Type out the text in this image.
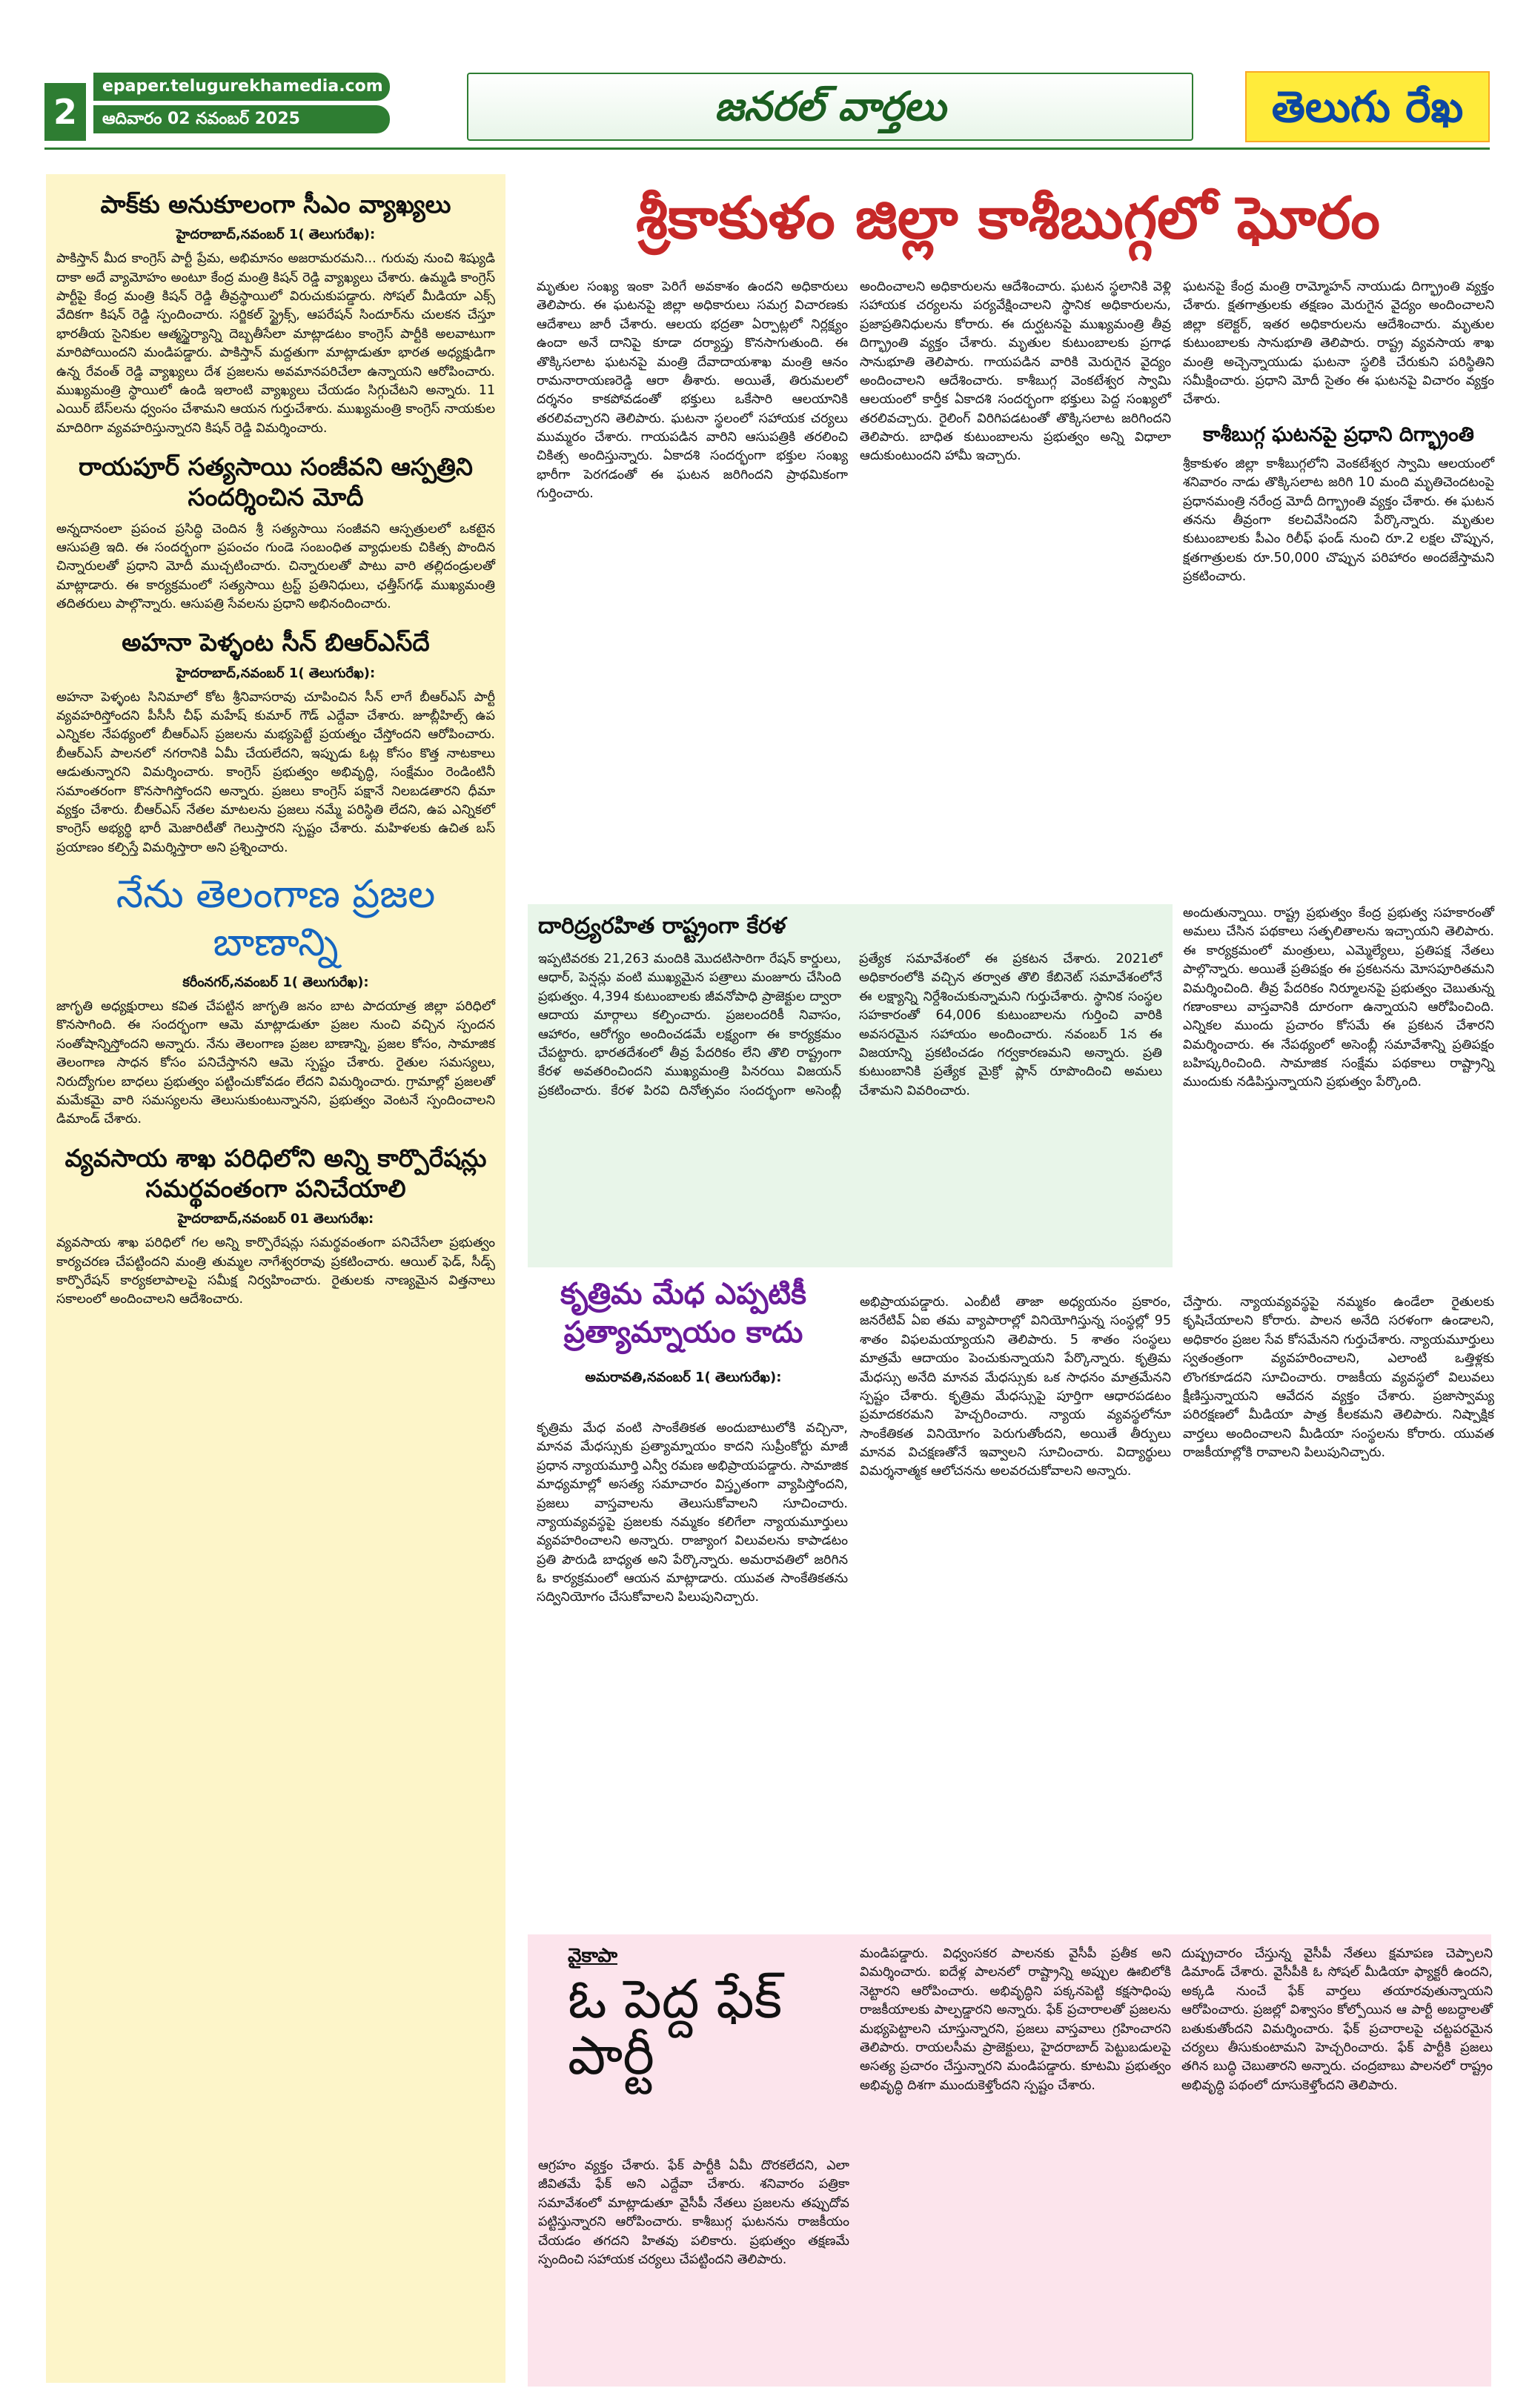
2
epaper.telugurekhamedia.com
ఆదివారం 02 నవంబర్ 2025	జనరల్ వార్తలు	తెలుగు రేఖ
పాక్‌కు అనుకూలంగా సీఎం వ్యాఖ్యలు
హైదరాబాద్,నవంబర్ 1( తెలుగురేఖ):
పాకిస్తాన్ మీద కాంగ్రెస్ పార్టీ ప్రేమ, అభిమానం అజరామరమని... గురువు నుంచి శిష్యుడి దాకా అదే వ్యామోహం అంటూ కేంద్ర మంత్రి కిషన్ రెడ్డి వ్యాఖ్యలు చేశారు. ఉమ్మడి కాంగ్రెస్ పార్టీపై కేంద్ర మంత్రి కిషన్ రెడ్డి తీవ్రస్థాయిలో విరుచుకుపడ్డారు. సోషల్ మీడియా ఎక్స్ వేదికగా కిషన్ రెడ్డి స్పందించారు. సర్జికల్ స్ట్రైక్స్, ఆపరేషన్ సిందూర్‌ను చులకన చేస్తూ భారతీయ సైనికుల ఆత్మస్థైర్యాన్ని దెబ్బతీసేలా మాట్లాడటం కాంగ్రెస్ పార్టీకి అలవాటుగా మారిపోయిందని మండిపడ్డారు. పాకిస్తాన్ మద్దతుగా మాట్లాడుతూ భారత అధ్యక్షుడిగా ఉన్న రేవంత్ రెడ్డి వ్యాఖ్యలు దేశ ప్రజలను అవమానపరిచేలా ఉన్నాయని ఆరోపించారు. ముఖ్యమంత్రి స్థాయిలో ఉండి ఇలాంటి వ్యాఖ్యలు చేయడం సిగ్గుచేటని అన్నారు. 11 ఎయిర్ బేస్‌లను ధ్వంసం చేశామని ఆయన గుర్తుచేశారు. ముఖ్యమంత్రి కాంగ్రెస్ నాయకుల మాదిరిగా వ్యవహరిస్తున్నారని కిషన్ రెడ్డి విమర్శించారు.
రాయపూర్ సత్యసాయి సంజీవని ఆస్పత్రిని సందర్శించిన మోదీ
అన్నదానంలా ప్రపంచ ప్రసిద్ధి చెందిన శ్రీ సత్యసాయి సంజీవని ఆస్పత్రులలో ఒకటైన ఆసుపత్రి ఇది. ఈ సందర్భంగా ప్రపంచం గుండె సంబంధిత వ్యాధులకు చికిత్స పొందిన చిన్నారులతో ప్రధాని మోదీ ముచ్చటించారు. చిన్నారులతో పాటు వారి తల్లిదండ్రులతో మాట్లాడారు. ఈ కార్యక్రమంలో సత్యసాయి ట్రస్ట్ ప్రతినిధులు, ఛత్తీస్‌గఢ్ ముఖ్యమంత్రి తదితరులు పాల్గొన్నారు. ఆసుపత్రి సేవలను ప్రధాని అభినందించారు.
అహనా పెళ్ళంట సీన్ బిఆర్ఎస్‌దే
హైదరాబాద్,నవంబర్ 1( తెలుగురేఖ):
అహనా పెళ్ళంట సినిమాలో కోట శ్రీనివాసరావు చూపించిన సీన్ లాగే బీఆర్ఎస్ పార్టీ వ్యవహరిస్తోందని పీసీసీ చీఫ్ మహేష్ కుమార్ గౌడ్ ఎద్దేవా చేశారు. జూబ్లీహిల్స్ ఉప ఎన్నికల నేపథ్యంలో బీఆర్ఎస్ ప్రజలను మభ్యపెట్టే ప్రయత్నం చేస్తోందని ఆరోపించారు. బీఆర్ఎస్ పాలనలో నగరానికి ఏమీ చేయలేదని, ఇప్పుడు ఓట్ల కోసం కొత్త నాటకాలు ఆడుతున్నారని విమర్శించారు. కాంగ్రెస్ ప్రభుత్వం అభివృద్ధి, సంక్షేమం రెండింటినీ సమాంతరంగా కొనసాగిస్తోందని అన్నారు. ప్రజలు కాంగ్రెస్ పక్షానే నిలబడతారని ధీమా వ్యక్తం చేశారు. బీఆర్ఎస్ నేతల మాటలను ప్రజలు నమ్మే పరిస్థితి లేదని, ఉప ఎన్నికలో కాంగ్రెస్ అభ్యర్థి భారీ మెజారిటీతో గెలుస్తారని స్పష్టం చేశారు. మహిళలకు ఉచిత బస్ ప్రయాణం కల్పిస్తే విమర్శిస్తారా అని ప్రశ్నించారు.
నేను తెలంగాణ ప్రజల బాణాన్ని
కరీంనగర్,నవంబర్ 1( తెలుగురేఖ):
జాగృతి అధ్యక్షురాలు కవిత చేపట్టిన జాగృతి జనం బాట పాదయాత్ర జిల్లా పరిధిలో కొనసాగింది. ఈ సందర్భంగా ఆమె మాట్లాడుతూ ప్రజల నుంచి వచ్చిన స్పందన సంతోషాన్నిస్తోందని అన్నారు. నేను తెలంగాణ ప్రజల బాణాన్ని, ప్రజల కోసం, సామాజిక తెలంగాణ సాధన కోసం పనిచేస్తానని ఆమె స్పష్టం చేశారు. రైతుల సమస్యలు, నిరుద్యోగుల బాధలు ప్రభుత్వం పట్టించుకోవడం లేదని విమర్శించారు. గ్రామాల్లో ప్రజలతో మమేకమై వారి సమస్యలను తెలుసుకుంటున్నానని, ప్రభుత్వం వెంటనే స్పందించాలని డిమాండ్ చేశారు.
వ్యవసాయ శాఖ పరిధిలోని అన్ని కార్పొరేషన్లు సమర్థవంతంగా పనిచేయాలి
హైదరాబాద్,నవంబర్ 01 తెలుగురేఖ:
వ్యవసాయ శాఖ పరిధిలో గల అన్ని కార్పొరేషన్లు సమర్థవంతంగా పనిచేసేలా ప్రభుత్వం కార్యచరణ చేపట్టిందని మంత్రి తుమ్మల నాగేశ్వరరావు ప్రకటించారు. ఆయిల్ ఫెడ్, సీడ్స్ కార్పొరేషన్ కార్యకలాపాలపై సమీక్ష నిర్వహించారు. రైతులకు నాణ్యమైన విత్తనాలు సకాలంలో అందించాలని ఆదేశించారు.
శ్రీకాకుళం జిల్లా కాశీబుగ్గలో ఘోరం
మృతుల సంఖ్య ఇంకా పెరిగే అవకాశం ఉందని అధికారులు తెలిపారు. ఈ ఘటనపై జిల్లా అధికారులు సమగ్ర విచారణకు ఆదేశాలు జారీ చేశారు. ఆలయ భద్రతా ఏర్పాట్లలో నిర్లక్ష్యం ఉందా అనే దానిపై కూడా దర్యాప్తు కొనసాగుతుంది. ఈ తొక్కిసలాట ఘటనపై మంత్రి దేవాదాయశాఖ మంత్రి ఆనం రామనారాయణరెడ్డి ఆరా తీశారు. అయితే, తిరుమలలో దర్శనం కాకపోవడంతో భక్తులు ఒకేసారి ఆలయానికి తరలివచ్చారని తెలిపారు. ఘటనా స్థలంలో సహాయక చర్యలు ముమ్మరం చేశారు. గాయపడిన వారిని ఆసుపత్రికి తరలించి చికిత్స అందిస్తున్నారు. ఏకాదశి సందర్భంగా భక్తుల సంఖ్య భారీగా పెరగడంతో ఈ ఘటన జరిగిందని ప్రాథమికంగా గుర్తించారు.
అందించాలని అధికారులను ఆదేశించారు. ఘటన స్థలానికి వెళ్లి సహాయక చర్యలను పర్యవేక్షించాలని స్థానిక అధికారులను, ప్రజాప్రతినిధులను కోరారు. ఈ దుర్ఘటనపై ముఖ్యమంత్రి తీవ్ర దిగ్భ్రాంతి వ్యక్తం చేశారు. మృతుల కుటుంబాలకు ప్రగాఢ సానుభూతి తెలిపారు. గాయపడిన వారికి మెరుగైన వైద్యం అందించాలని ఆదేశించారు. కాశీబుగ్గ వెంకటేశ్వర స్వామి ఆలయంలో కార్తీక ఏకాదశి సందర్భంగా భక్తులు పెద్ద సంఖ్యలో తరలివచ్చారు. రైలింగ్ విరిగిపడటంతో తొక్కిసలాట జరిగిందని తెలిపారు. బాధిత కుటుంబాలను ప్రభుత్వం అన్ని విధాలా ఆదుకుంటుందని హామీ ఇచ్చారు.
ఘటనపై కేంద్ర మంత్రి రామ్మోహన్ నాయుడు దిగ్భ్రాంతి వ్యక్తం చేశారు. క్షతగాత్రులకు తక్షణం మెరుగైన వైద్యం అందించాలని జిల్లా కలెక్టర్, ఇతర అధికారులను ఆదేశించారు. మృతుల కుటుంబాలకు సానుభూతి తెలిపారు. రాష్ట్ర వ్యవసాయ శాఖ మంత్రి అచ్చెన్నాయుడు ఘటనా స్థలికి చేరుకుని పరిస్థితిని సమీక్షించారు. ప్రధాని మోదీ సైతం ఈ ఘటనపై విచారం వ్యక్తం చేశారు.
కాశీబుగ్గ ఘటనపై ప్రధాని దిగ్భ్రాంతి
శ్రీకాకుళం జిల్లా కాశీబుగ్గలోని వెంకటేశ్వర స్వామి ఆలయంలో శనివారం నాడు తొక్కిసలాట జరిగి 10 మంది మృతిచెందటంపై ప్రధానమంత్రి నరేంద్ర మోదీ దిగ్భ్రాంతి వ్యక్తం చేశారు. ఈ ఘటన తనను తీవ్రంగా కలచివేసిందని పేర్కొన్నారు. మృతుల కుటుంబాలకు పీఎం రిలీఫ్ ఫండ్ నుంచి రూ.2 లక్షల చొప్పున, క్షతగాత్రులకు రూ.50,000 చొప్పున పరిహారం అందజేస్తామని ప్రకటించారు.
దారిద్ర్యరహిత రాష్ట్రంగా కేరళ
ఇప్పటివరకు 21,263 మందికి మొదటిసారిగా రేషన్ కార్డులు, ఆధార్, పెన్షన్లు వంటి ముఖ్యమైన పత్రాలు మంజూరు చేసింది ప్రభుత్వం. 4,394 కుటుంబాలకు జీవనోపాధి ప్రాజెక్టుల ద్వారా ఆదాయ మార్గాలు కల్పించారు. ప్రజలందరికీ నివాసం, ఆహారం, ఆరోగ్యం అందించడమే లక్ష్యంగా ఈ కార్యక్రమం చేపట్టారు. భారతదేశంలో తీవ్ర పేదరికం లేని తొలి రాష్ట్రంగా కేరళ అవతరించిందని ముఖ్యమంత్రి పినరయి విజయన్ ప్రకటించారు. కేరళ పిరవి దినోత్సవం సందర్భంగా అసెంబ్లీ ప్రత్యేక సమావేశంలో ఈ ప్రకటన చేశారు. 2021లో అధికారంలోకి వచ్చిన తర్వాత తొలి కేబినెట్ సమావేశంలోనే ఈ లక్ష్యాన్ని నిర్దేశించుకున్నామని గుర్తుచేశారు. స్థానిక సంస్థల సహకారంతో 64,006 కుటుంబాలను గుర్తించి వారికి అవసరమైన సహాయం అందించారు. నవంబర్ 1న ఈ విజయాన్ని ప్రకటించడం గర్వకారణమని అన్నారు. ప్రతి కుటుంబానికి ప్రత్యేక మైక్రో ప్లాన్ రూపొందించి అమలు చేశామని వివరించారు.
అందుతున్నాయి. రాష్ట్ర ప్రభుత్వం కేంద్ర ప్రభుత్వ సహకారంతో అమలు చేసిన పథకాలు సత్ఫలితాలను ఇచ్చాయని తెలిపారు. ఈ కార్యక్రమంలో మంత్రులు, ఎమ్మెల్యేలు, ప్రతిపక్ష నేతలు పాల్గొన్నారు. అయితే ప్రతిపక్షం ఈ ప్రకటనను మోసపూరితమని విమర్శించింది. తీవ్ర పేదరికం నిర్మూలనపై ప్రభుత్వం చెబుతున్న గణాంకాలు వాస్తవానికి దూరంగా ఉన్నాయని ఆరోపించింది. ఎన్నికల ముందు ప్రచారం కోసమే ఈ ప్రకటన చేశారని విమర్శించారు. ఈ నేపథ్యంలో అసెంబ్లీ సమావేశాన్ని ప్రతిపక్షం బహిష్కరించింది. సామాజిక సంక్షేమ పథకాలు రాష్ట్రాన్ని ముందుకు నడిపిస్తున్నాయని ప్రభుత్వం పేర్కొంది.
కృత్రిమ మేధ ఎప్పటికీ ప్రత్యామ్నాయం కాదు
అమరావతి,నవంబర్ 1( తెలుగురేఖ):
కృత్రిమ మేధ వంటి సాంకేతికత అందుబాటులోకి వచ్చినా, మానవ మేధస్సుకు ప్రత్యామ్నాయం కాదని సుప్రీంకోర్టు మాజీ ప్రధాన న్యాయమూర్తి ఎన్వీ రమణ అభిప్రాయపడ్డారు. సామాజిక మాధ్యమాల్లో అసత్య సమాచారం విస్తృతంగా వ్యాపిస్తోందని, ప్రజలు వాస్తవాలను తెలుసుకోవాలని సూచించారు. న్యాయవ్యవస్థపై ప్రజలకు నమ్మకం కలిగేలా న్యాయమూర్తులు వ్యవహరించాలని అన్నారు. రాజ్యాంగ విలువలను కాపాడటం ప్రతి పౌరుడి బాధ్యత అని పేర్కొన్నారు. అమరావతిలో జరిగిన ఓ కార్యక్రమంలో ఆయన మాట్లాడారు. యువత సాంకేతికతను సద్వినియోగం చేసుకోవాలని పిలుపునిచ్చారు.
అభిప్రాయపడ్డారు. ఎంబీటీ తాజా అధ్యయనం ప్రకారం, జనరేటివ్ ఏఐ తమ వ్యాపారాల్లో వినియోగిస్తున్న సంస్థల్లో 95 శాతం విఫలమయ్యాయని తెలిపారు. 5 శాతం సంస్థలు మాత్రమే ఆదాయం పెంచుకున్నాయని పేర్కొన్నారు. కృత్రిమ మేధస్సు అనేది మానవ మేధస్సుకు ఒక సాధనం మాత్రమేనని స్పష్టం చేశారు. కృత్రిమ మేధస్సుపై పూర్తిగా ఆధారపడటం ప్రమాదకరమని హెచ్చరించారు. న్యాయ వ్యవస్థలోనూ సాంకేతికత వినియోగం పెరుగుతోందని, అయితే తీర్పులు మానవ విచక్షణతోనే ఇవ్వాలని సూచించారు. విద్యార్థులు విమర్శనాత్మక ఆలోచనను అలవరచుకోవాలని అన్నారు.
చేస్తారు. న్యాయవ్యవస్థపై నమ్మకం ఉండేలా రైతులకు కృషిచేయాలని కోరారు. పాలన అనేది సరళంగా ఉండాలని, అధికారం ప్రజల సేవ కోసమేనని గుర్తుచేశారు. న్యాయమూర్తులు స్వతంత్రంగా వ్యవహరించాలని, ఎలాంటి ఒత్తిళ్లకు లొంగకూడదని సూచించారు. రాజకీయ వ్యవస్థలో విలువలు క్షీణిస్తున్నాయని ఆవేదన వ్యక్తం చేశారు. ప్రజాస్వామ్య పరిరక్షణలో మీడియా పాత్ర కీలకమని తెలిపారు. నిష్పాక్షిక వార్తలు అందించాలని మీడియా సంస్థలను కోరారు. యువత రాజకీయాల్లోకి రావాలని పిలుపునిచ్చారు.
వైకాపా
ఓ పెద్ద ఫేక్ పార్టీ
ఆగ్రహం వ్యక్తం చేశారు. ఫేక్ పార్టీకి ఏమీ దొరకలేదని, ఎలా జీవితమే ఫేక్ అని ఎద్దేవా చేశారు. శనివారం పత్రికా సమావేశంలో మాట్లాడుతూ వైసీపీ నేతలు ప్రజలను తప్పుదోవ పట్టిస్తున్నారని ఆరోపించారు. కాశీబుగ్గ ఘటనను రాజకీయం చేయడం తగదని హితవు పలికారు. ప్రభుత్వం తక్షణమే స్పందించి సహాయక చర్యలు చేపట్టిందని తెలిపారు.
మండిపడ్డారు. విధ్వంసకర పాలనకు వైసీపీ ప్రతీక అని విమర్శించారు. ఐదేళ్ల పాలనలో రాష్ట్రాన్ని అప్పుల ఊబిలోకి నెట్టారని ఆరోపించారు. అభివృద్ధిని పక్కనపెట్టి కక్షసాధింపు రాజకీయాలకు పాల్పడ్డారని అన్నారు. ఫేక్ ప్రచారాలతో ప్రజలను మభ్యపెట్టాలని చూస్తున్నారని, ప్రజలు వాస్తవాలు గ్రహించారని తెలిపారు. రాయలసీమ ప్రాజెక్టులు, హైదరాబాద్ పెట్టుబడులపై అసత్య ప్రచారం చేస్తున్నారని మండిపడ్డారు. కూటమి ప్రభుత్వం అభివృద్ధి దిశగా ముందుకెళ్తోందని స్పష్టం చేశారు.
దుష్ప్రచారం చేస్తున్న వైసీపీ నేతలు క్షమాపణ చెప్పాలని డిమాండ్ చేశారు. వైసీపీకి ఓ సోషల్ మీడియా ఫ్యాక్టరీ ఉందని, అక్కడి నుంచే ఫేక్ వార్తలు తయారవుతున్నాయని ఆరోపించారు. ప్రజల్లో విశ్వాసం కోల్పోయిన ఆ పార్టీ అబద్ధాలతో బతుకుతోందని విమర్శించారు. ఫేక్ ప్రచారాలపై చట్టపరమైన చర్యలు తీసుకుంటామని హెచ్చరించారు. ఫేక్ పార్టీకి ప్రజలు తగిన బుద్ధి చెబుతారని అన్నారు. చంద్రబాబు పాలనలో రాష్ట్రం అభివృద్ధి పథంలో దూసుకెళ్తోందని తెలిపారు.
